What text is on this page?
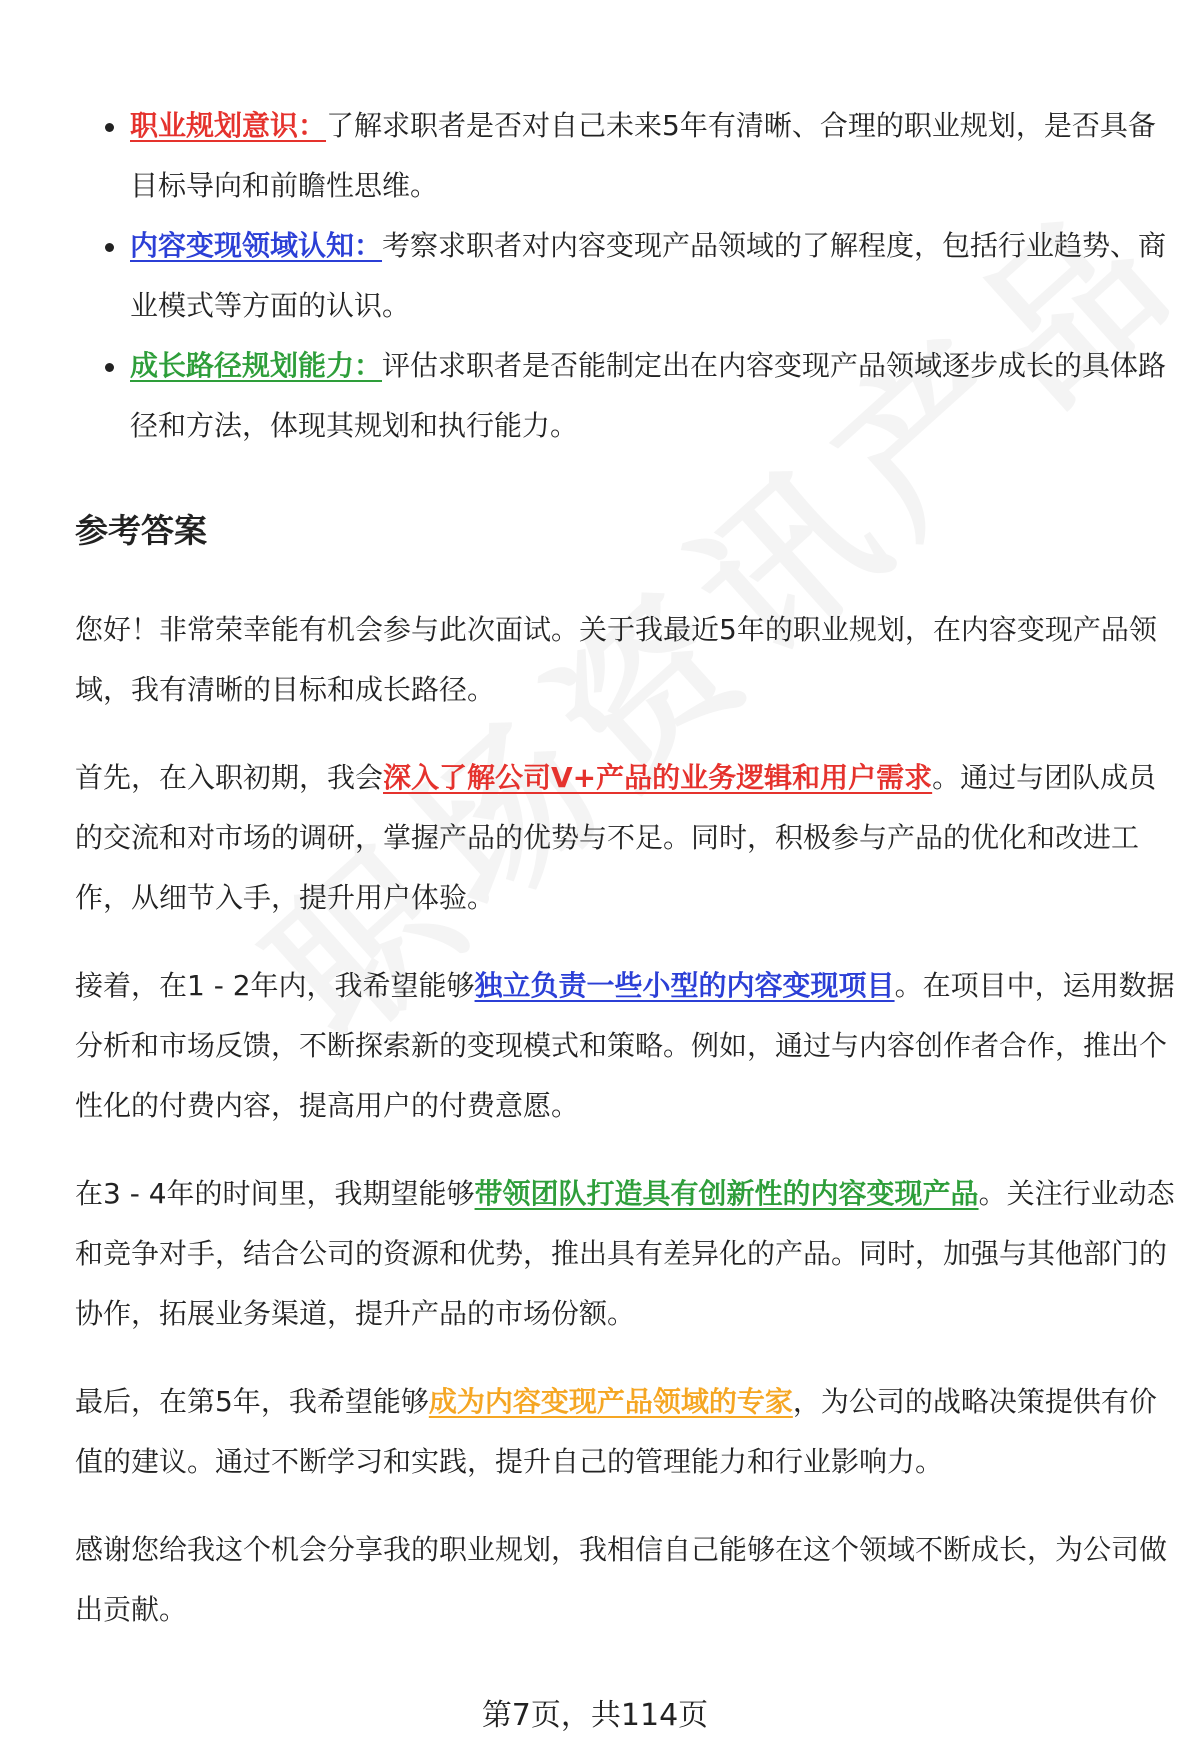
职业规划意识：了解求职者是否对自己未来5年有清晰、合理的职业规划，是否具备目标导向和前瞻性思维。
内容变现领域认知：考察求职者对内容变现产品领域的了解程度，包括行业趋势、商业模式等方面的认识。
成长路径规划能力：评估求职者是否能制定出在内容变现产品领域逐步成长的具体路径和方法，体现其规划和执行能力。
参考答案

您好！非常荣幸能有机会参与此次面试。关于我最近5年的职业规划，在内容变现产品领域，我有清晰的目标和成长路径。

首先，在入职初期，我会深入了解公司V+产品的业务逻辑和用户需求。通过与团队成员的交流和对市场的调研，掌握产品的优势与不足。同时，积极参与产品的优化和改进工作，从细节入手，提升用户体验。

接着，在1 - 2年内，我希望能够独立负责一些小型的内容变现项目。在项目中，运用数据分析和市场反馈，不断探索新的变现模式和策略。例如，通过与内容创作者合作，推出个性化的付费内容，提高用户的付费意愿。

在3 - 4年的时间里，我期望能够带领团队打造具有创新性的内容变现产品。关注行业动态和竞争对手，结合公司的资源和优势，推出具有差异化的产品。同时，加强与其他部门的协作，拓展业务渠道，提升产品的市场份额。

最后，在第5年，我希望能够成为内容变现产品领域的专家，为公司的战略决策提供有价值的建议。通过不断学习和实践，提升自己的管理能力和行业影响力。

感谢您给我这个机会分享我的职业规划，我相信自己能够在这个领域不断成长，为公司做出贡献。

第7页，共114页
